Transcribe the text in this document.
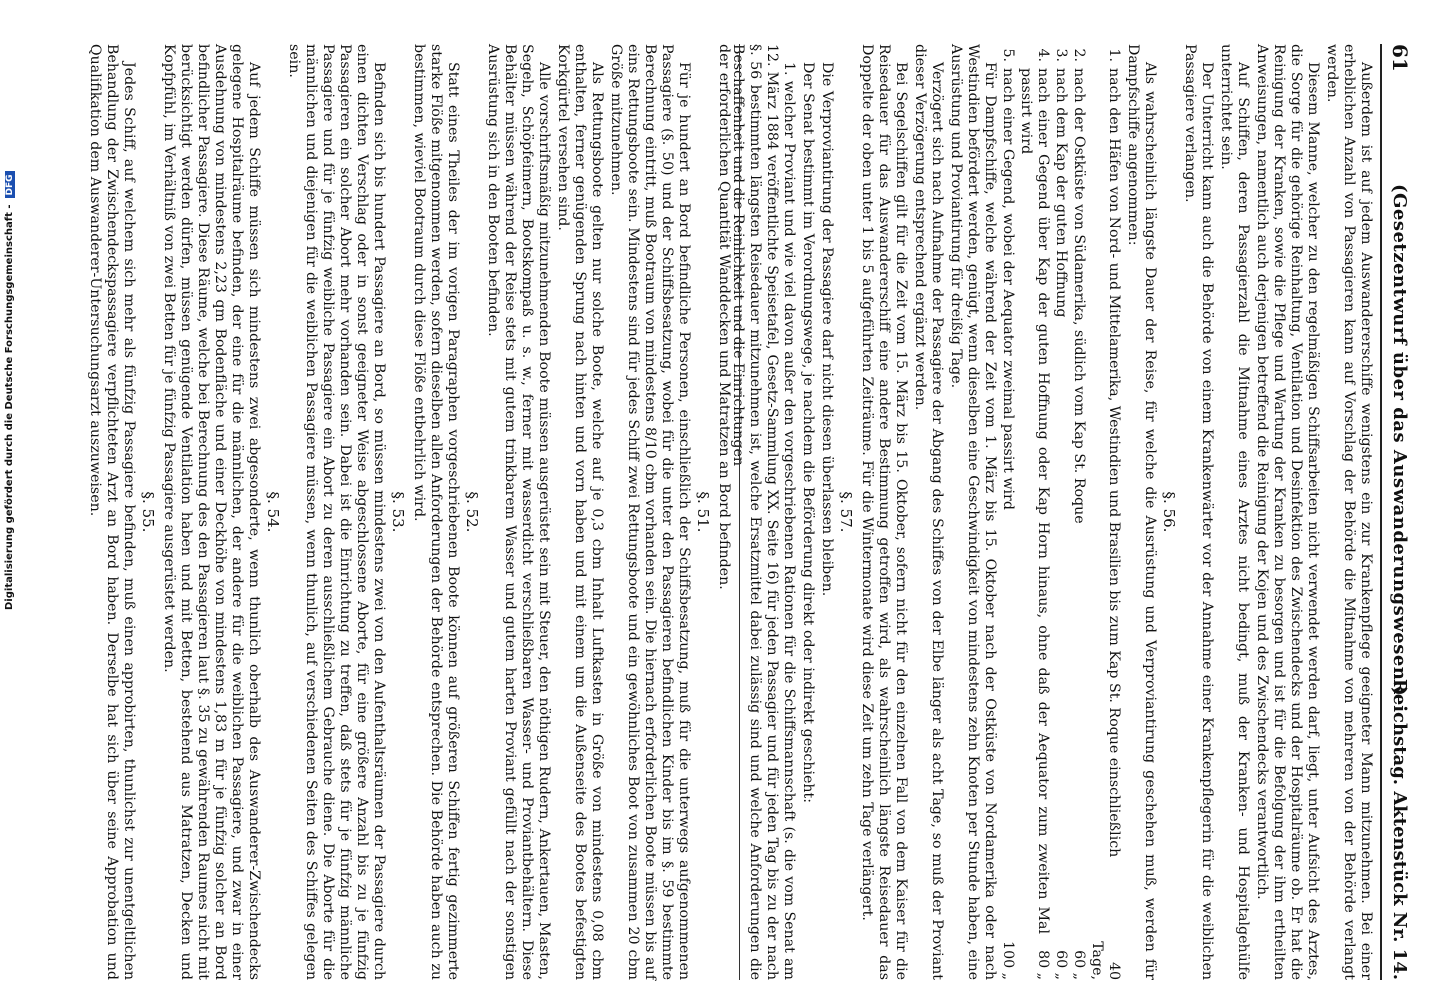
61
(Gesetzentwurf über das Auswanderungswesen.)
Reichstag. Aktenstück Nr. 14.

Außerdem ist auf jedem Auswandererschiffe wenigstens ein zur Krankenpflege geeigneter Mann mitzunehmen. Bei einer erheblichen Anzahl von Passagieren kann auf Vorschlag der Behörde die Mitnahme von mehreren von der Behörde verlangt werden.

Diesem Manne, welcher zu den regelmäßigen Schiffsarbeiten nicht verwendet werden darf, liegt, unter Aufsicht des Arztes, die Sorge für die gehörige Reinhaltung, Ventilation und Desinfektion des Zwischendecks und der Hospitalräume ob. Er hat die Reinigung der Kranken, sowie die Pflege und Wartung der Kranken zu besorgen und ist für die Befolgung der ihm ertheilten Anweisungen, namentlich auch derjenigen betreffend die Reinigung der Kojen und des Zwischendecks verantwortlich.

Auf Schiffen, deren Passagierzahl die Mitnahme eines Arztes nicht bedingt, muß der Kranken- und Hospitalgehülfe unterrichtet sein.

Der Unterricht kann auch die Behörde von einem Krankenwärter vor der Annahme einer Krankenpflegerin für die weiblichen Passagiere verlangen.

§. 56.

Als wahrscheinlich längste Dauer der Reise, für welche die Ausrüstung und Verproviantirung geschehen muß, werden für Dampfschiffe angenommen:

1.
nach den Häfen von Nord- und Mittelamerika, Westindien und Brasilien bis zum Kap St. Roque einschließlich
40 Tage,
2.
nach der Ostküste von Südamerika, südlich vom Kap St. Roque
60 „
3.
nach dem Kap der guten Hoffnung
60 „
4.
nach einer Gegend über Kap der guten Hoffnung oder Kap Horn hinaus, ohne daß der Aequator zum zweiten Mal passirt wird
80 „
5.
nach einer Gegend, wobei der Aequator zweimal passirt wird
100 „

Für Dampfschiffe, welche während der Zeit vom 1. März bis 15. Oktober nach der Ostküste von Nordamerika oder nach Westindien befördert werden, genügt, wenn dieselben eine Geschwindigkeit von mindestens zehn Knoten per Stunde haben, eine Ausrüstung und Proviantirung für dreißig Tage.

Verzögert sich nach Aufnahme der Passagiere der Abgang des Schiffes von der Elbe länger als acht Tage, so muß der Proviant dieser Verzögerung entsprechend ergänzt werden.

Bei Segelschiffen gilt für die Zeit vom 15. März bis 15. Oktober, sofern nicht für den einzelnen Fall von dem Kaiser für die Reisedauer für das Auswandererschiff eine andere Bestimmung getroffen wird, als wahrscheinlich längste Reisedauer das Doppelte der oben unter 1 bis 5 aufgeführten Zeiträume. Für die Wintermonate wird diese Zeit um zehn Tage verlängert.

§. 57.

Die Verproviantirung der Passagiere darf nicht diesen überlassen bleiben.

Der Senat bestimmt im Verordnungswege, je nachdem die Beförderung direkt oder indirekt geschieht:

1. welcher Proviant und wie viel davon außer den vorgeschriebenen Rationen für die Schiffsmannschaft (s. die vom Senat am 12. März 1884 veröffentlichte Speisetafel, Gesetz-Sammlung XX. Seite 16) für jeden Passagier und für jeden Tag bis zu der nach §. 56 bestimmten längsten Reisedauer mitzunehmen ist, welche Ersatzmittel dabei zulässig sind und welche Anforderungen die Beschaffenheit und die Reinlichkeit und die Einrichtungen

der erforderlichen Quantität Wanddecken und Matratzen an Bord befinden.

§. 51.

Für je hundert an Bord befindliche Personen, einschließlich der Schiffsbesatzung, muß für die unterwegs aufgenommenen Passagiere (§. 50) und der Schiffsbesatzung, wobei für die unter den Passagieren befindlichen Kinder bis im §. 59 bestimmte Berechnung eintritt, muß Bootraum von mindestens 8/10 cbm vorhanden sein. Die hiernach erforderlichen Boote müssen bis auf eins Rettungsboote sein. Mindestens sind für jedes Schiff zwei Rettungsboote und ein gewöhnliches Boot von zusammen 20 cbm Größe mitzunehmen.

Als Rettungsboote gelten nur solche Boote, welche auf je 0,3 cbm Inhalt Luftkasten in Größe von mindestens 0,08 cbm enthalten, ferner genügenden Sprung nach hinten und vorn haben und mit einem um die Außenseite des Bootes befestigten Korkgürtel versehen sind.

Alle vorschriftsmäßig mitzunehmenden Boote müssen ausgerüstet sein mit Steuer, den nöthigen Rudern, Ankertauen, Masten, Segeln, Schöpfeimern, Bootskompaß u. s. w., ferner mit wasserdicht verschließbaren Wasser- und Proviantbehältern. Diese Behälter müssen während der Reise stets mit gutem trinkbarem Wasser und gutem harten Proviant gefüllt nach der sonstigen Ausrüstung sich in den Booten befinden.

§. 52.

Statt eines Theiles der im vorigen Paragraphen vorgeschriebenen Boote können auf größeren Schiffen fertig gezimmerte starke Flöße mitgenommen werden, sofern dieselben allen Anforderungen der Behörde entsprechen. Die Behörde haben auch zu bestimmen, wieviel Bootraum durch diese Flöße entbehrlich wird.

§. 53.

Befinden sich bis hundert Passagiere an Bord, so müssen mindestens zwei von den Aufenthaltsräumen der Passagiere durch einen dichten Verschlag oder in sonst geeigneter Weise abgeschlossene Aborte, für eine größere Anzahl bis zu je fünfzig Passagieren ein solcher Abort mehr vorhanden sein. Dabei ist die Einrichtung zu treffen, daß stets für je fünfzig männliche Passagiere und für je fünfzig weibliche Passagiere ein Abort zu deren ausschließlichem Gebrauche diene. Die Aborte für die männlichen und diejenigen für die weiblichen Passagiere müssen, wenn thunlich, auf verschiedenen Seiten des Schiffes gelegen sein.

§. 54.

Auf jedem Schiffe müssen sich mindestens zwei abgesonderte, wenn thunlich oberhalb des Auswanderer-Zwischendecks gelegene Hospitalräume befinden, der eine für die männlichen, der andere für die weiblichen Passagiere, und zwar in einer Ausdehnung von mindestens 2,23 qm Bodenfläche und einer Deckhöhe von mindestens 1,83 m für je fünfzig solcher an Bord befindlicher Passagiere. Diese Räume, welche bei Berechnung des den Passagieren laut §. 35 zu gewährenden Raumes nicht mit berücksichtigt werden dürfen, müssen genügende Ventilation haben und mit Betten, bestehend aus Matratzen, Decken und Kopfpfühl, im Verhältniß von zwei Betten für je fünfzig Passagiere ausgerüstet werden.

§. 55.

Jedes Schiff, auf welchem sich mehr als fünfzig Passagiere befinden, muß einen approbirten, thunlichst zur unentgeltlichen Behandlung der Zwischendeckspassagiere verpflichteten Arzt an Bord haben. Derselbe hat sich über seine Approbation und Qualifikation dem Auswanderer-Untersuchungsarzt auszuweisen.

Digitalisierung gefördert durch die Deutsche Forschungsgemeinschaft -DFG
